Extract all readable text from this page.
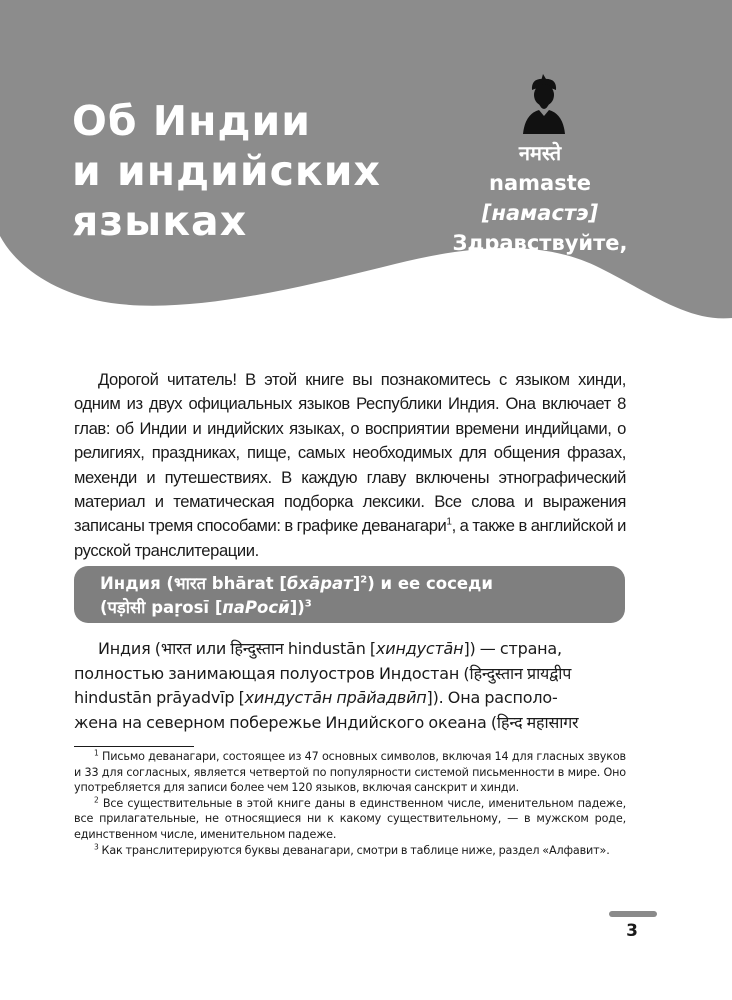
Об Индии
и индийских
языках
नमस्ते
namaste
[намастэ]
Здравствуйте,
Привет

Дорогой читатель! В этой книге вы познакомитесь с языком хинди, одним из двух официальных языков Республики Индия. Она включает 8 глав: об Индии и индийских языках, о восприятии времени индийцами, о религиях, праздниках, пище, самых необходимых для общения фразах, мехенди и путешествиях. В каждую главу включены этнографический материал и тематическая подборка лексики. Все слова и выражения записаны тремя способами: в графике деванагари$^1$, а также в английской и русской транслитерации.

Индия (भारत bhārat [бхāрат]$^2$) и ее соседи
(पड़ोसी paṛosī [паРосӣ])$^3$

Индия (भारत или हिन्दुस्तान hindustān [хиндустāн]) — страна,
полностью занимающая полуостров Индостан (हिन्दुस्तान प्रायद्वीप
hindustān prāyadvīp [хиндустāн прāйадвӣп]). Она располо-
жена на северном побережье Индийского океана (हिन्द महासागर

$^1$ Письмо деванагари, состоящее из 47 основных символов, включая 14 для гласных звуков и 33 для согласных, является четвертой по популярности системой письменности в мире. Оно употребляется для записи более чем 120 языков, включая санскрит и хинди.

$^2$ Все существительные в этой книге даны в единственном числе, именительном падеже, все прилагательные, не относящиеся ни к какому существительному, — в мужском роде, единственном числе, именительном падеже.

$^3$ Как транслитерируются буквы деванагари, смотри в таблице ниже, раздел «Алфавит».

3
